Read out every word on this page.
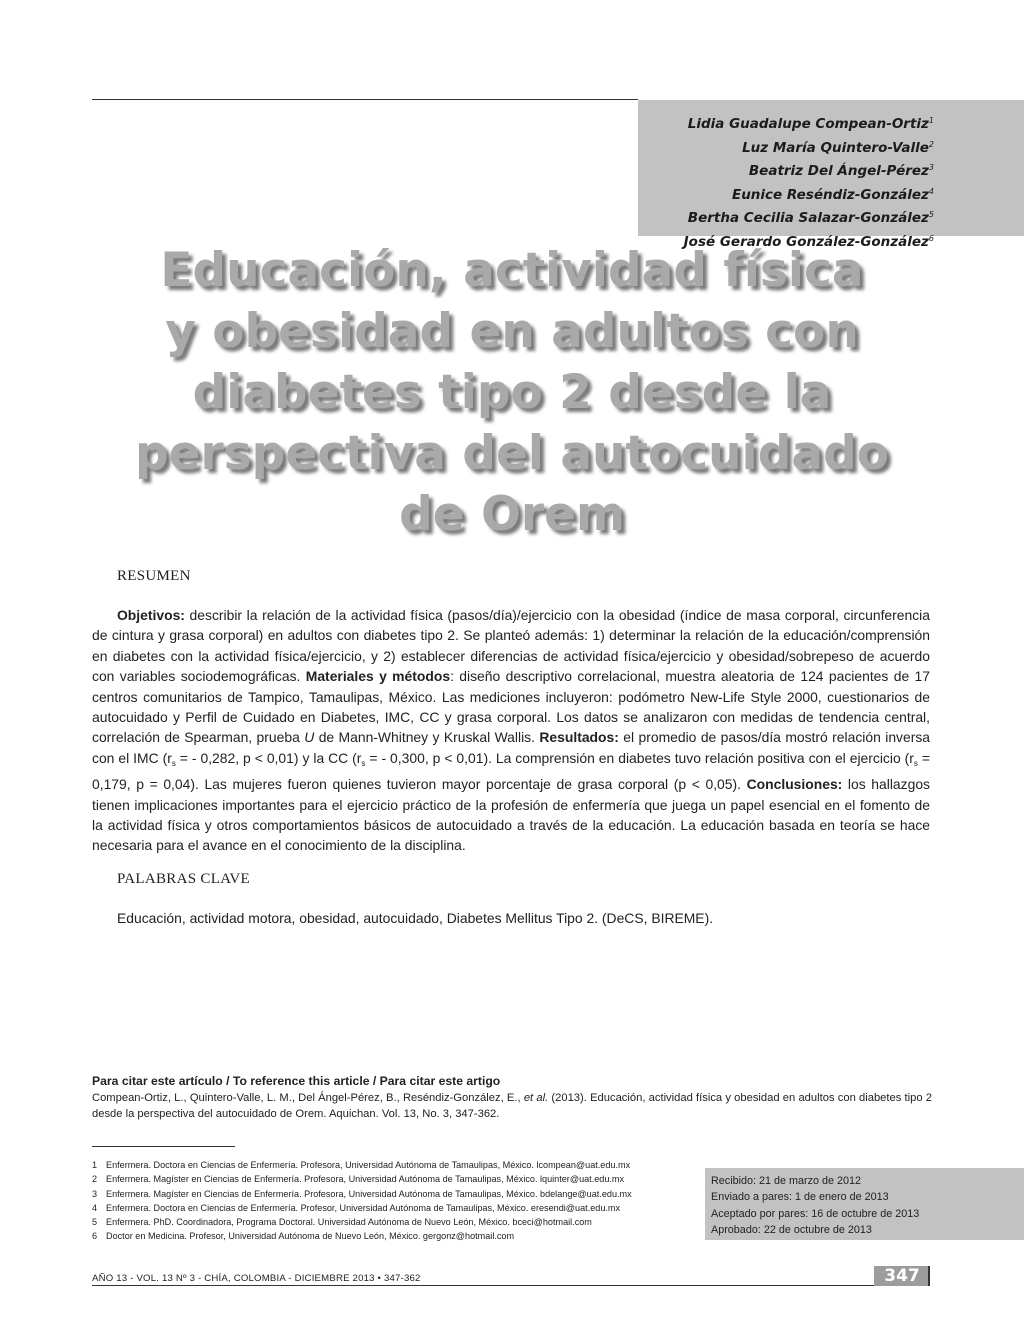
Lidia Guadalupe Compean-Ortiz$^1$
Luz María Quintero-Valle$^2$
Beatriz Del Ángel-Pérez$^3$
Eunice Reséndiz-González$^4$
Bertha Cecilia Salazar-González$^5$
José Gerardo González-González$^6$
Educación, actividad física
y obesidad en adultos con
diabetes tipo 2 desde la
perspectiva del autocuidado
de Orem
RESUMEN

Objetivos: describir la relación de la actividad física (pasos/día)/ejercicio con la obesidad (índice de masa corporal, circunferencia de cintura y grasa corporal) en adultos con diabetes tipo 2. Se planteó además: 1) determinar la relación de la educación/comprensión en diabetes con la actividad física/ejercicio, y 2) establecer diferencias de actividad física/ejercicio y obesidad/sobrepeso de acuerdo con variables sociodemográficas. Materiales y métodos: diseño descriptivo correlacional, muestra aleatoria de 124 pacientes de 17 centros comunitarios de Tampico, Tamaulipas, México. Las mediciones incluyeron: podómetro New-Life Style 2000, cuestionarios de autocuidado y Perfil de Cuidado en Diabetes, IMC, CC y grasa corporal. Los datos se analizaron con medidas de tendencia central, correlación de Spearman, prueba U de Mann-Whitney y Kruskal Wallis. Resultados: el promedio de pasos/día mostró relación inversa con el IMC ($r_s$ = - 0,282, p < 0,01) y la CC ($r_s$ = - 0,300, p < 0,01). La comprensión en diabetes tuvo relación positiva con el ejercicio ($r_s = 0,179$, p = 0,04). Las mujeres fueron quienes tuvieron mayor porcentaje de grasa corporal (p < 0,05). Conclusiones: los hallazgos tienen implicaciones importantes para el ejercicio práctico de la profesión de enfermería que juega un papel esencial en el fomento de la actividad física y otros comportamientos básicos de autocuidado a través de la educación. La educación basada en teoría se hace necesaria para el avance en el conocimiento de la disciplina.

PALABRAS CLAVE

Educación, actividad motora, obesidad, autocuidado, Diabetes Mellitus Tipo 2. (DeCS, BIREME).

Para citar este artículo / To reference this article / Para citar este artigo

Compean-Ortiz, L., Quintero-Valle, L. M., Del Ángel-Pérez, B., Reséndiz-González, E., et al. (2013). Educación, actividad física y obesidad en adultos con diabetes tipo 2 desde la perspectiva del autocuidado de Orem. Aquichan. Vol. 13, No. 3, 347-362.

1 Enfermera. Doctora en Ciencias de Enfermería. Profesora, Universidad Autónoma de Tamaulipas, México. lcompean@uat.edu.mx
2 Enfermera. Magíster en Ciencias de Enfermería. Profesora, Universidad Autónoma de Tamaulipas, México. lquinter@uat.edu.mx
3 Enfermera. Magíster en Ciencias de Enfermería. Profesora, Universidad Autónoma de Tamaulipas, México. bdelange@uat.edu.mx
4 Enfermera. Doctora en Ciencias de Enfermería. Profesor, Universidad Autónoma de Tamaulipas, México. eresendi@uat.edu.mx
5 Enfermera. PhD. Coordinadora, Programa Doctoral. Universidad Autónoma de Nuevo León, México. bceci@hotmail.com
6 Doctor en Medicina. Profesor, Universidad Autónoma de Nuevo León, México. gergonz@hotmail.com
Recibido: 21 de marzo de 2012
Enviado a pares: 1 de enero de 2013
Aceptado por pares: 16 de octubre de 2013
Aprobado: 22 de octubre de 2013
AÑO 13 - VOL. 13 Nº 3 - CHÍA, COLOMBIA - DICIEMBRE 2013 • 347-362	347
